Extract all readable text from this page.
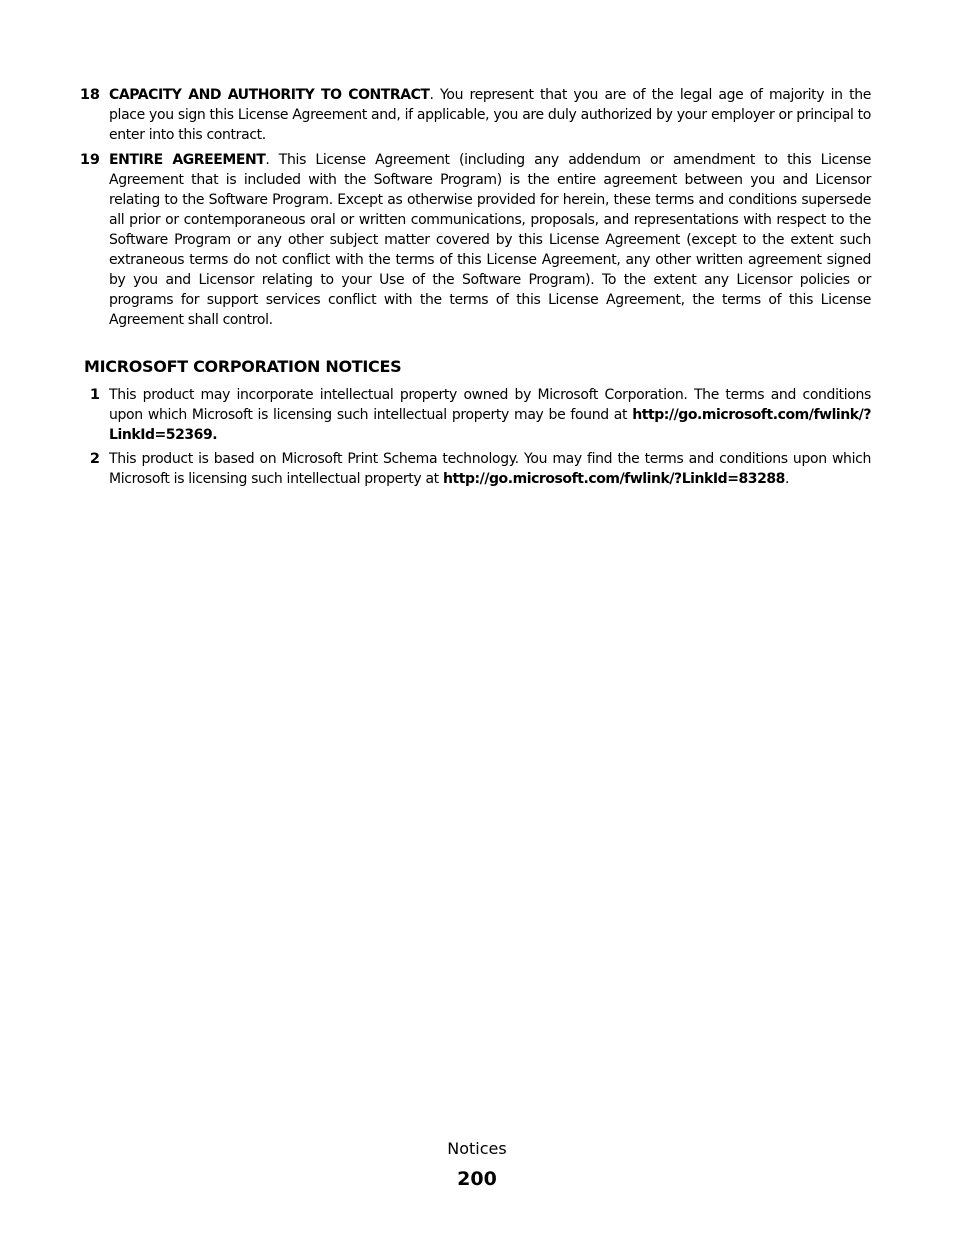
18 CAPACITY AND AUTHORITY TO CONTRACT. You represent that you are of the legal age of majority in the place you sign this License Agreement and, if applicable, you are duly authorized by your employer or principal to enter into this contract.
19 ENTIRE AGREEMENT. This License Agreement (including any addendum or amendment to this License Agreement that is included with the Software Program) is the entire agreement between you and Licensor relating to the Software Program. Except as otherwise provided for herein, these terms and conditions supersede all prior or contemporaneous oral or written communications, proposals, and representations with respect to the Software Program or any other subject matter covered by this License Agreement (except to the extent such extraneous terms do not conflict with the terms of this License Agreement, any other written agreement signed by you and Licensor relating to your Use of the Software Program). To the extent any Licensor policies or programs for support services conflict with the terms of this License Agreement, the terms of this License Agreement shall control.
MICROSOFT CORPORATION NOTICES
1 This product may incorporate intellectual property owned by Microsoft Corporation. The terms and conditions upon which Microsoft is licensing such intellectual property may be found at http://go.microsoft.com/fwlink/?LinkId=52369.
2 This product is based on Microsoft Print Schema technology. You may find the terms and conditions upon which Microsoft is licensing such intellectual property at http://go.microsoft.com/fwlink/?LinkId=83288.
Notices
200
